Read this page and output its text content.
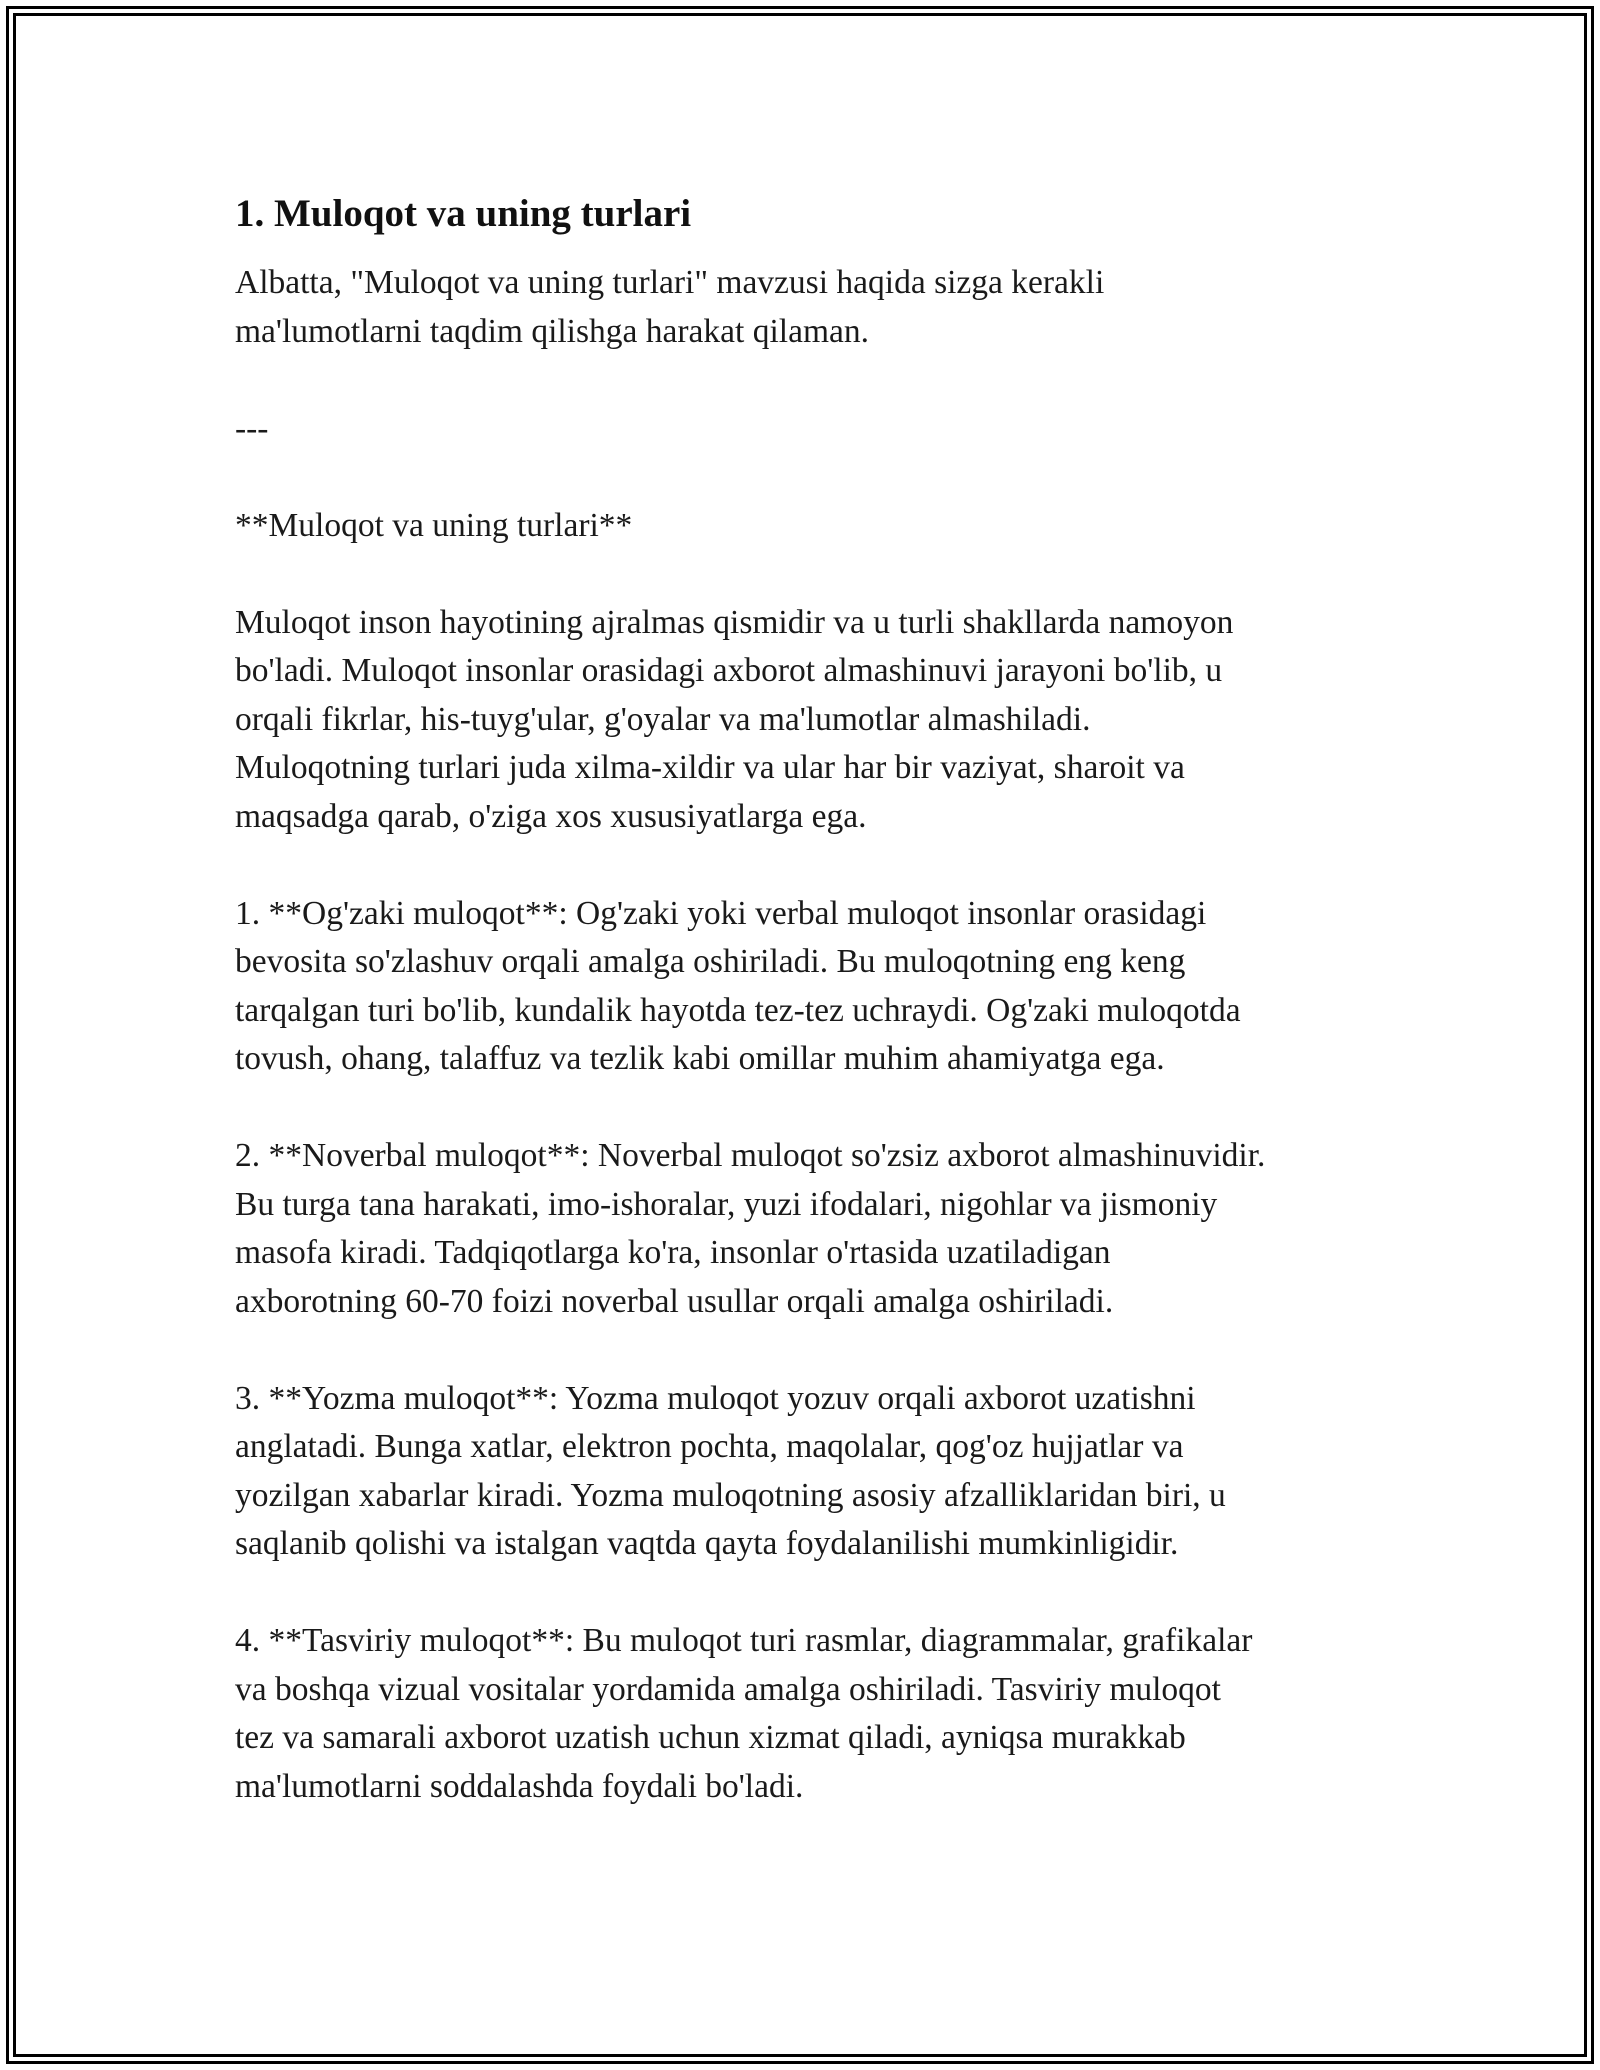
1. Muloqot va uning turlari

Albatta, "Muloqot va uning turlari" mavzusi haqida sizga kerakli
ma'lumotlarni taqdim qilishga harakat qilaman.

---

**Muloqot va uning turlari**

Muloqot inson hayotining ajralmas qismidir va u turli shakllarda namoyon
bo'ladi. Muloqot insonlar orasidagi axborot almashinuvi jarayoni bo'lib, u
orqali fikrlar, his-tuyg'ular, g'oyalar va ma'lumotlar almashiladi.
Muloqotning turlari juda xilma-xildir va ular har bir vaziyat, sharoit va
maqsadga qarab, o'ziga xos xususiyatlarga ega.

1. **Og'zaki muloqot**: Og'zaki yoki verbal muloqot insonlar orasidagi
bevosita so'zlashuv orqali amalga oshiriladi. Bu muloqotning eng keng
tarqalgan turi bo'lib, kundalik hayotda tez-tez uchraydi. Og'zaki muloqotda
tovush, ohang, talaffuz va tezlik kabi omillar muhim ahamiyatga ega.

2. **Noverbal muloqot**: Noverbal muloqot so'zsiz axborot almashinuvidir.
Bu turga tana harakati, imo-ishoralar, yuzi ifodalari, nigohlar va jismoniy
masofa kiradi. Tadqiqotlarga ko'ra, insonlar o'rtasida uzatiladigan
axborotning 60-70 foizi noverbal usullar orqali amalga oshiriladi.

3. **Yozma muloqot**: Yozma muloqot yozuv orqali axborot uzatishni
anglatadi. Bunga xatlar, elektron pochta, maqolalar, qog'oz hujjatlar va
yozilgan xabarlar kiradi. Yozma muloqotning asosiy afzalliklaridan biri, u
saqlanib qolishi va istalgan vaqtda qayta foydalanilishi mumkinligidir.

4. **Tasviriy muloqot**: Bu muloqot turi rasmlar, diagrammalar, grafikalar
va boshqa vizual vositalar yordamida amalga oshiriladi. Tasviriy muloqot
tez va samarali axborot uzatish uchun xizmat qiladi, ayniqsa murakkab
ma'lumotlarni soddalashda foydali bo'ladi.
